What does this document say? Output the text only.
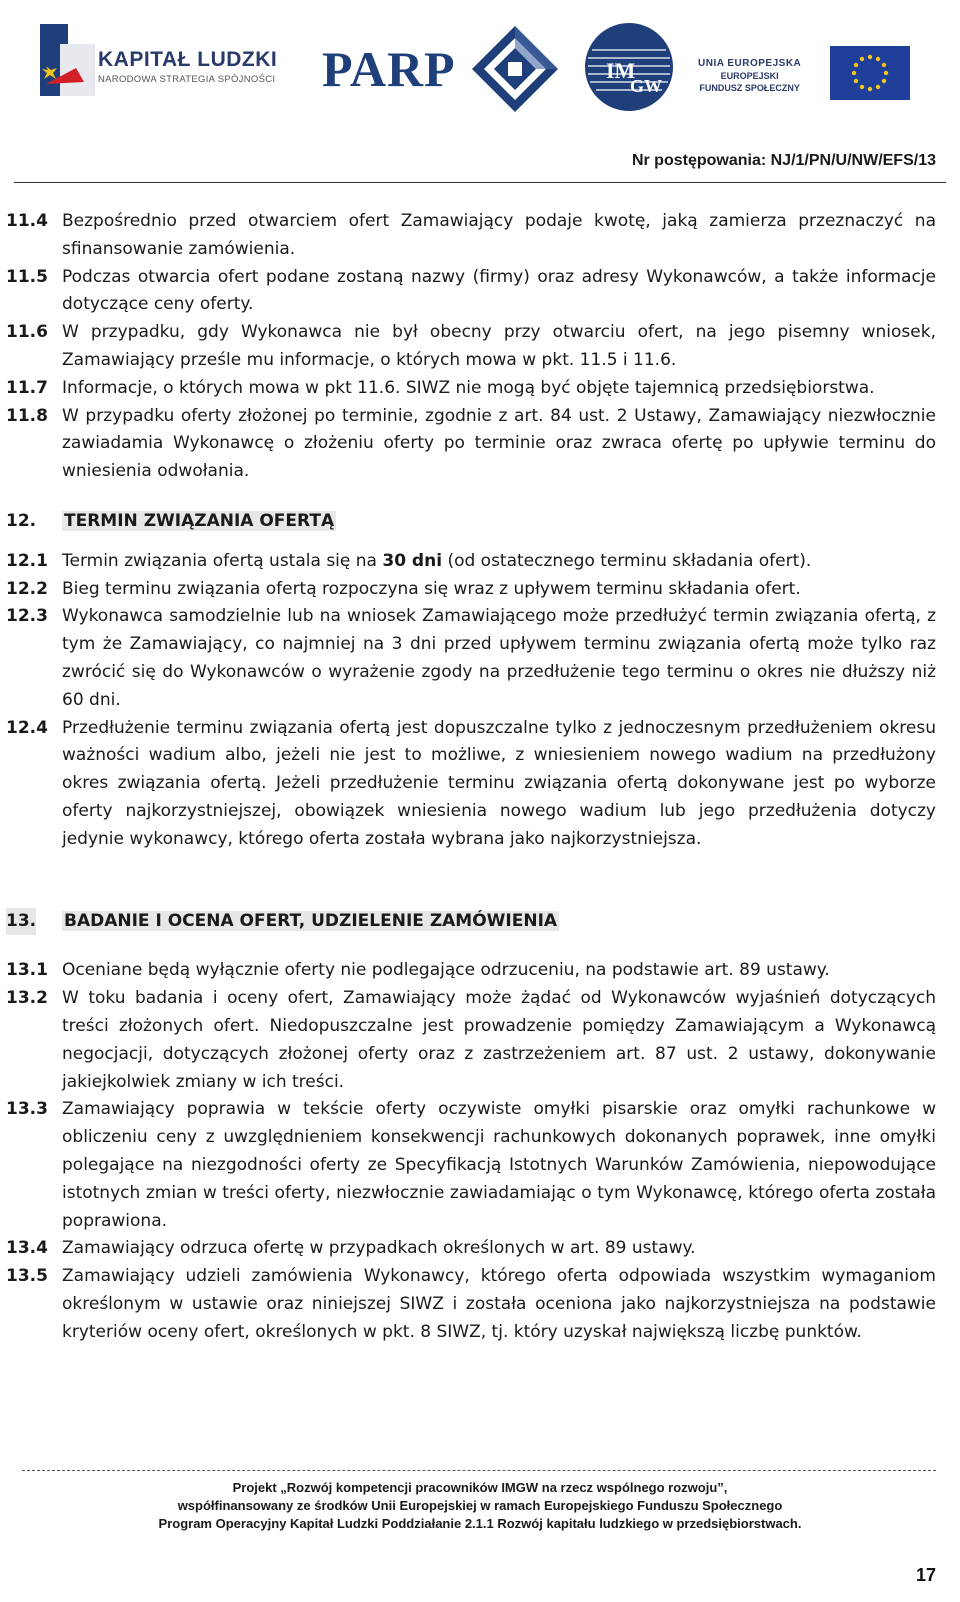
KAPITAŁ LUDZKI
NARODOWA STRATEGIA SPÓJNOŚCI PARP	IM
GW
UNIA EUROPEJSKA
EUROPEJSKI
FUNDUSZ SPOŁECZNY
Nr postępowania: NJ/1/PN/U/NW/EFS/13
11.4 Bezpośrednio przed otwarciem ofert Zamawiający podaje kwotę, jaką zamierza przeznaczyć na sfinansowanie zamówienia.
11.5 Podczas otwarcia ofert podane zostaną nazwy (firmy) oraz adresy Wykonawców, a także informacje dotyczące ceny oferty.
11.6 W przypadku, gdy Wykonawca nie był obecny przy otwarciu ofert, na jego pisemny wniosek, Zamawiający prześle mu informacje, o których mowa w pkt. 11.5 i 11.6.
11.7 Informacje, o których mowa w pkt 11.6. SIWZ nie mogą być objęte tajemnicą przedsiębiorstwa.
11.8 W przypadku oferty złożonej po terminie, zgodnie z art. 84 ust. 2 Ustawy, Zamawiający niezwłocznie zawiadamia Wykonawcę o złożeniu oferty po terminie oraz zwraca ofertę po upływie terminu do wniesienia odwołania.
12. TERMIN ZWIĄZANIA OFERTĄ
12.1 Termin związania ofertą ustala się na 30 dni (od ostatecznego terminu składania ofert).
12.2 Bieg terminu związania ofertą rozpoczyna się wraz z upływem terminu składania ofert.
12.3 Wykonawca samodzielnie lub na wniosek Zamawiającego może przedłużyć termin związania ofertą, z tym że Zamawiający, co najmniej na 3 dni przed upływem terminu związania ofertą może tylko raz zwrócić się do Wykonawców o wyrażenie zgody na przedłużenie tego terminu o okres nie dłuższy niż 60 dni.
12.4 Przedłużenie terminu związania ofertą jest dopuszczalne tylko z jednoczesnym przedłużeniem okresu ważności wadium albo, jeżeli nie jest to możliwe, z wniesieniem nowego wadium na przedłużony okres związania ofertą. Jeżeli przedłużenie terminu związania ofertą dokonywane jest po wyborze oferty najkorzystniejszej, obowiązek wniesienia nowego wadium lub jego przedłużenia dotyczy jedynie wykonawcy, którego oferta została wybrana jako najkorzystniejsza.
13. BADANIE I OCENA OFERT, UDZIELENIE ZAMÓWIENIA
13.1 Oceniane będą wyłącznie oferty nie podlegające odrzuceniu, na podstawie art. 89 ustawy.
13.2 W toku badania i oceny ofert, Zamawiający może żądać od Wykonawców wyjaśnień dotyczących treści złożonych ofert. Niedopuszczalne jest prowadzenie pomiędzy Zamawiającym a Wykonawcą negocjacji, dotyczących złożonej oferty oraz z zastrzeżeniem art. 87 ust. 2 ustawy, dokonywanie jakiejkolwiek zmiany w ich treści.
13.3 Zamawiający poprawia w tekście oferty oczywiste omyłki pisarskie oraz omyłki rachunkowe w obliczeniu ceny z uwzględnieniem konsekwencji rachunkowych dokonanych poprawek, inne omyłki polegające na niezgodności oferty ze Specyfikacją Istotnych Warunków Zamówienia, niepowodujące istotnych zmian w treści oferty, niezwłocznie zawiadamiając o tym Wykonawcę, którego oferta została poprawiona.
13.4 Zamawiający odrzuca ofertę w przypadkach określonych w art. 89 ustawy.
13.5 Zamawiający udzieli zamówienia Wykonawcy, którego oferta odpowiada wszystkim wymaganiom określonym w ustawie oraz niniejszej SIWZ i została oceniona jako najkorzystniejsza na podstawie kryteriów oceny ofert, określonych w pkt. 8 SIWZ, tj. który uzyskał największą liczbę punktów.
Projekt „Rozwój kompetencji pracowników IMGW na rzecz wspólnego rozwoju”,
współfinansowany ze środków Unii Europejskiej w ramach Europejskiego Funduszu Społecznego
Program Operacyjny Kapitał Ludzki Poddziałanie 2.1.1 Rozwój kapitału ludzkiego w przedsiębiorstwach.
17
